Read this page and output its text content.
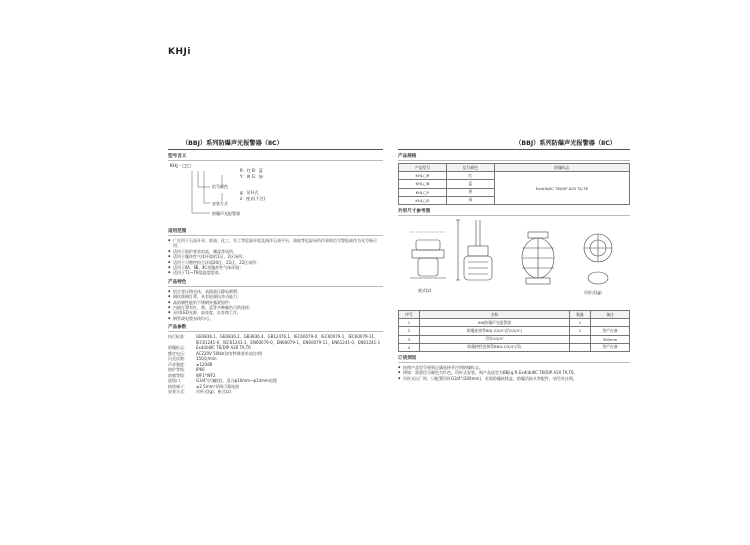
KHJi
（BBJ）系列防爆声光报警器（ⅡC）
型号含义
KHJ - □□
R：红 B：蓝
Y：黄 G：绿
信号颜色
g：吊杆式
z：座式(不注)
安装方式
防爆声光报警器
适用范围
◆ 广泛用于石油开采、炼油、化工、军工等危险环境及海洋石油平台，油轮等危险场所作事故信号警报或作为光号指示用；
◆ 适用于防护要求较高，潮湿等场所；
◆ 适用于爆炸性气体环境的1区、2区场所；
◆ 适用于可燃性粉尘环境20区、21区、22区场所；
◆ 适用于ⅡA、ⅡB、ⅡC类爆炸性气体环境；
◆ 适用于T1~T6组温度组别。
产品特色
◆ 铝合金压铸壳体，表面高压静电喷塑；
◆ 钢化玻璃灯罩，具有较强抗冲击能力；
◆ 高防腐性能的不锈钢外露紧固件；
◆ 内嵌灯罩有红、黄、蓝等多种颜色可供选择；
◆ 采用LED光源，高亮度，长寿命工作；
◆ 钢管或电缆布线均可。
产品参数
执行标准：	GB3836.1、GB3836.2、GB3836.4、GB12476.1、IEC60079-0、IEC60079-1、IEC60079-11、IEC61241-0、IEC61241-1、EN60079-0、EN60079-1、EN60079-11、EN61241-0、EN61241-1
防爆标志：	Exd(ib)ⅡC T6/DIP A20 TA,T6
额定电压：	AC220V 50Hz(如有特殊要求请注明)
闪光次数：	150次/min
声音强度：	≥120dB
防护等级：	IP66
防腐等级：	WF1*WF2
进线口：	G3/4"(内螺纹)，适合φ10mm~φ14mm电缆
接线端子：	≤2.5mm²导线可靠连接
安装方式：	吊杆式(g)、座式(z)
（BBJ）系列防爆声光报警器（ⅡC）
产品规格
产品型号	信号颜色	防爆标志
KHJ-□R	红	Exd(ib)ⅡC T6/DIP A20 TA,T6
KHJ-□B	蓝	
KHJ-□Y	黄	
KHJ-□G	绿	
外形尺寸参考图
座式(z)	吊杆式(g)
序号	名称	数量	备注
1	KHJ防爆声光报警器	1	
2	防爆连接管BHJ-G3/4"(吊G3/4")	1	用户自备
3	吊杆G3/4"		300mm
4	防爆挠性连接管BNG-G3/4"(吊)		用户自备
订货须知
◆ 按照产品型号规则正确选择并注明防爆标志。
◆ 例如：需要信号颜色为红色、吊杆式安装，则产品选型为BBJ-g R Exd(ib)ⅡC T6/DIP A20 TA,T6。
◆ 吊杆式出厂时，只配置吊杆G3/4"(300mm)，若需防爆接线盒、防爆活接头等配件，请另外注明。
